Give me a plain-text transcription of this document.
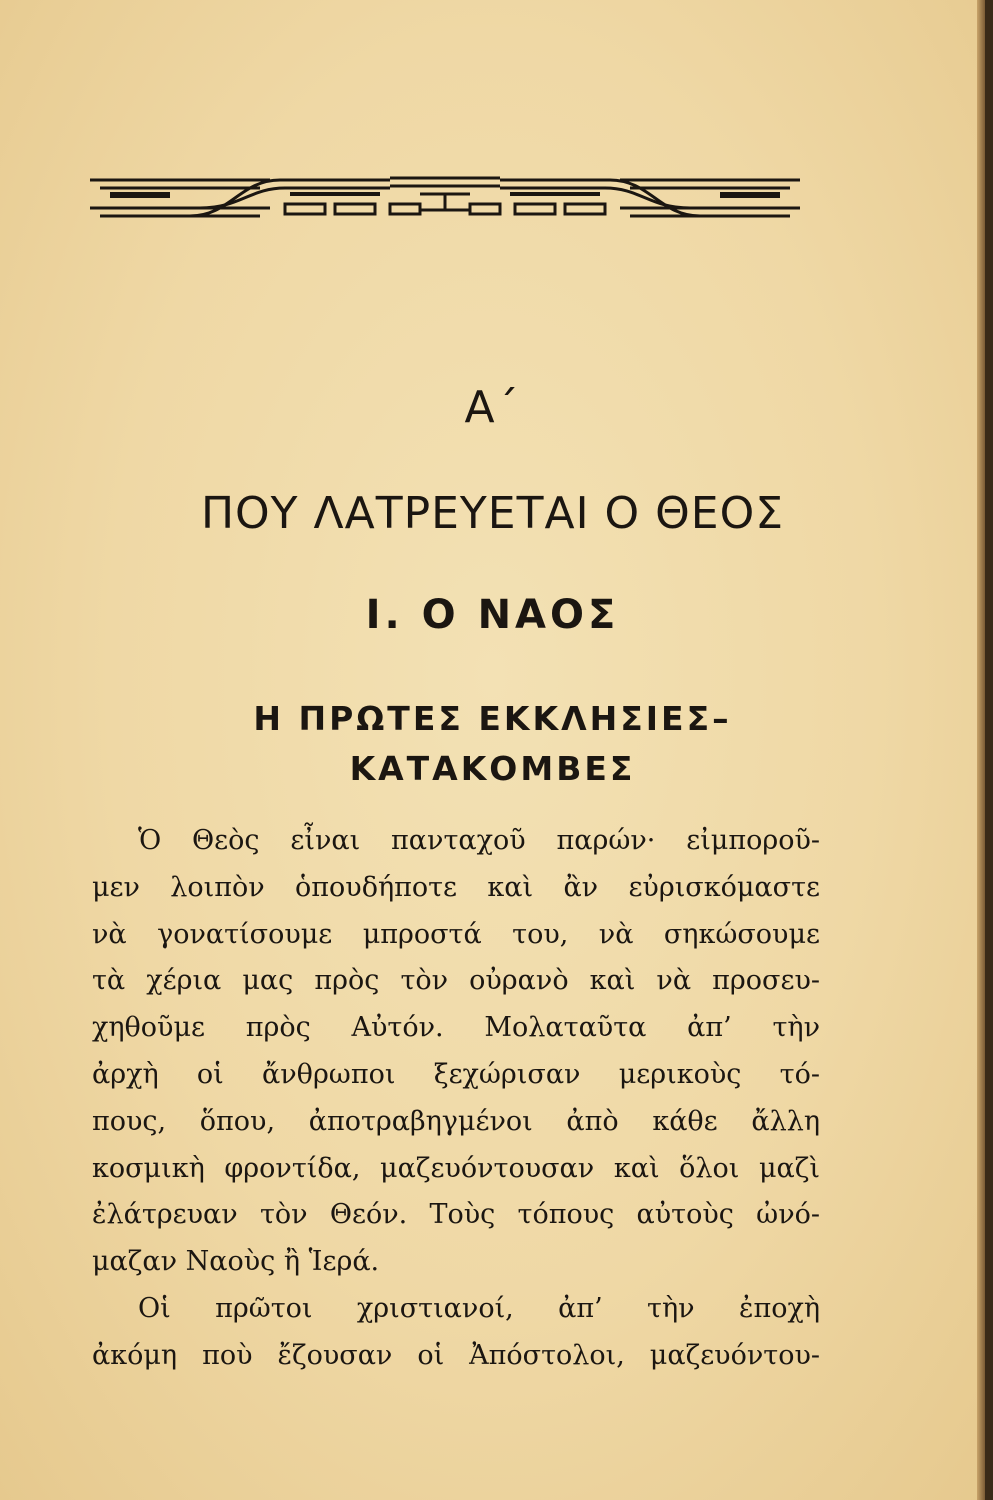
Α΄
ΠΟΥ ΛΑΤΡΕΥΕΤΑΙ Ο ΘΕΟΣ
I. Ο ΝΑΟΣ
Η ΠΡΩΤΕΣ ΕΚΚΛΗΣΙΕΣ–
ΚΑΤΑΚΟΜΒΕΣ
Ὁ Θεὸς εἶναι πανταχοῦ παρών· εἰμποροῦ-
μεν λοιπὸν ὁπουδήποτε καὶ ἂν εὐρισκόμαστε
νὰ γονατίσουμε μπροστά του, νὰ σηκώσουμε
τὰ χέρια μας πρὸς τὸν οὐρανὸ καὶ νὰ προσευ-
χηθοῦμε πρὸς Αὐτόν. Μολαταῦτα ἀπ’ τὴν
ἀρχὴ οἱ ἄνθρωποι ξεχώρισαν μερικοὺς τό-
πους, ὅπου, ἀποτραβηγμένοι ἀπὸ κάθε ἄλλη
κοσμικὴ φροντίδα, μαζευόντουσαν καὶ ὅλοι μαζὶ
ἐλάτρευαν τὸν Θεόν. Τοὺς τόπους αὐτοὺς ὠνό-
μαζαν Ναοὺς ἢ Ἱερά.
Οἱ πρῶτοι χριστιανοί, ἀπ’ τὴν ἐποχὴ
ἀκόμη ποὺ ἔζουσαν οἱ Ἀπόστολοι, μαζευόντου-
